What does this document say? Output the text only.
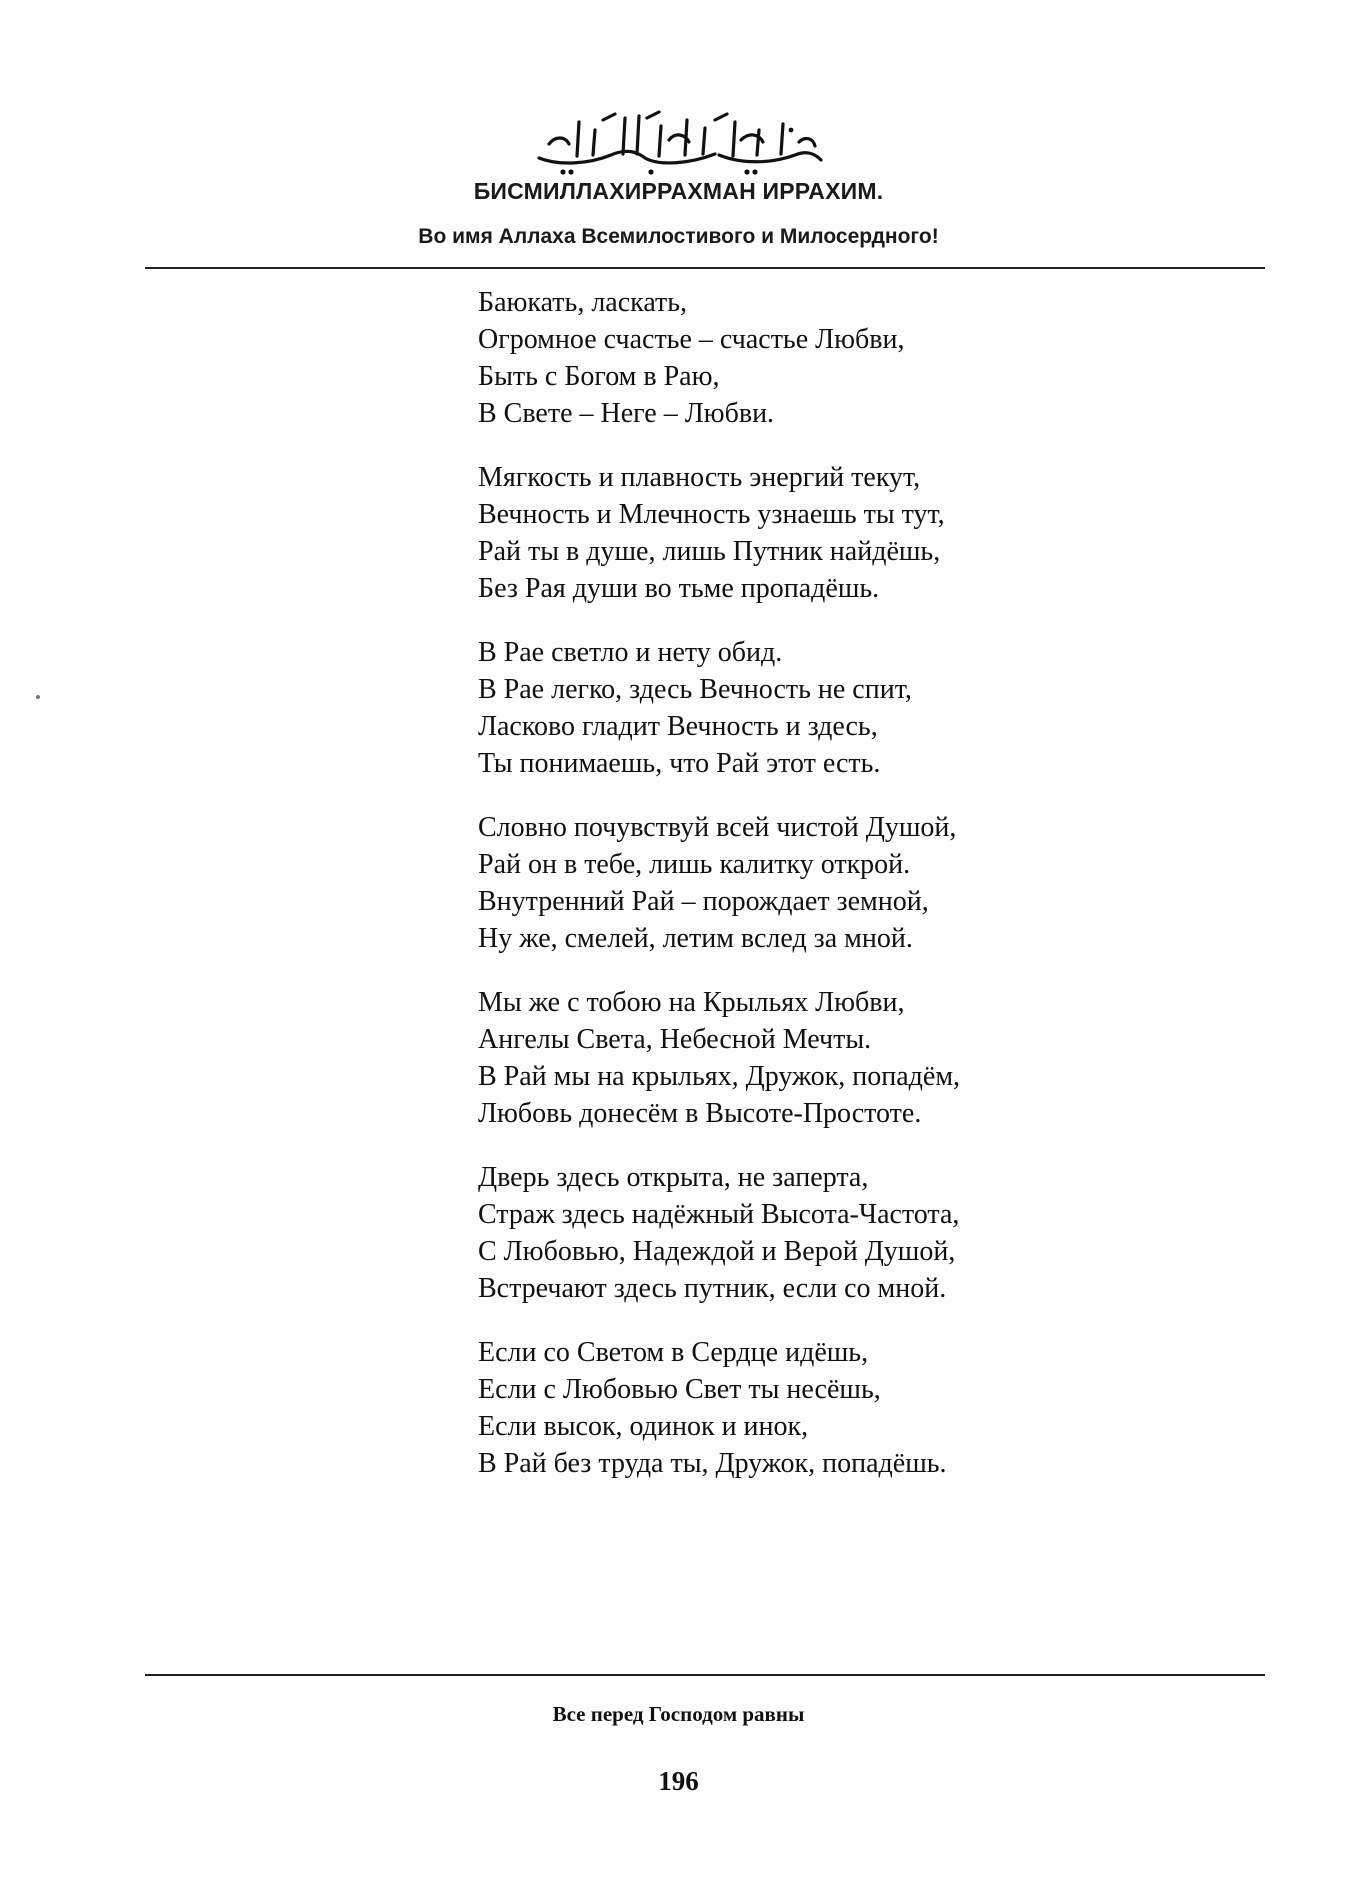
БИСМИЛЛАХИРРАХМАН ИРРАХИМ.
Во имя Аллаха Всемилостивого и Милосердного!
Баюкать, ласкать,
Огромное счастье – счастье Любви,
Быть с Богом в Раю,
В Свете – Неге – Любви.
Мягкость и плавность энергий текут,
Вечность и Млечность узнаешь ты тут,
Рай ты в душе, лишь Путник найдёшь,
Без Рая души во тьме пропадёшь.
В Рае светло и нету обид.
В Рае легко, здесь Вечность не спит,
Ласково гладит Вечность и здесь,
Ты понимаешь, что Рай этот есть.
Словно почувствуй всей чистой Душой,
Рай он в тебе, лишь калитку открой.
Внутренний Рай – порождает земной,
Ну же, смелей, летим вслед за мной.
Мы же с тобою на Крыльях Любви,
Ангелы Света, Небесной Мечты.
В Рай мы на крыльях, Дружок, попадём,
Любовь донесём в Высоте-Простоте.
Дверь здесь открыта, не заперта,
Страж здесь надёжный Высота-Частота,
С Любовью, Надеждой и Верой Душой,
Встречают здесь путник, если со мной.
Если со Светом в Сердце идёшь,
Если с Любовью Свет ты несёшь,
Если высок, одинок и инок,
В Рай без труда ты, Дружок, попадёшь.
Все перед Господом равны
196
